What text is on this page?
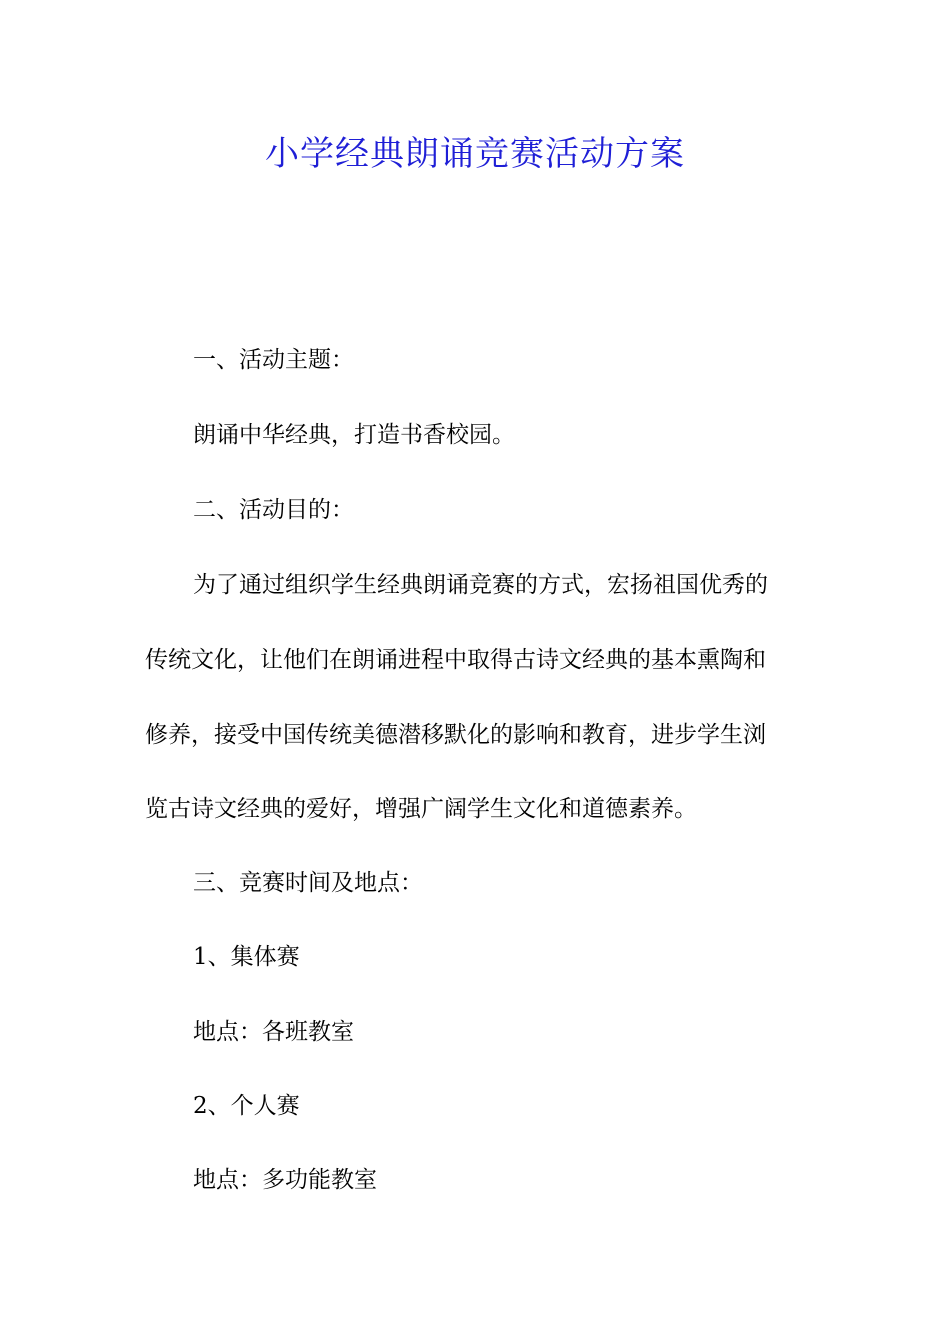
小学经典朗诵竞赛活动方案
一、活动主题：
朗诵中华经典，打造书香校园。
二、活动目的：
为了通过组织学生经典朗诵竞赛的方式，宏扬祖国优秀的
传统文化，让他们在朗诵进程中取得古诗文经典的基本熏陶和
修养，接受中国传统美德潜移默化的影响和教育，进步学生浏
览古诗文经典的爱好，增强广阔学生文化和道德素养。
三、竞赛时间及地点：
1、集体赛
地点：各班教室
2、个人赛
地点：多功能教室
